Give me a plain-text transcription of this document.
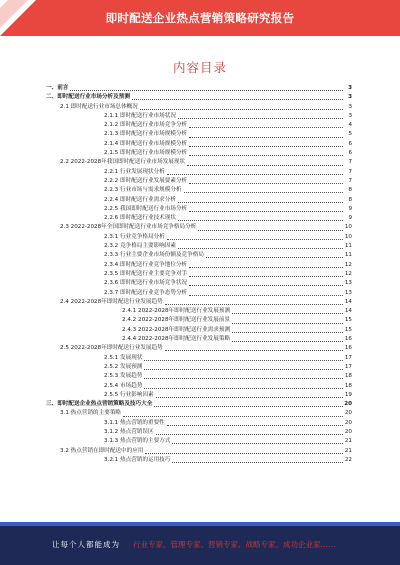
即时配送企业热点营销策略研究报告
内容目录
一、前言	3
二、即时配送行业市场分析及预测	3
2.1 即时配送行业市场总体概况	3
2.1.1 即时配送行业市场状况	3
2.1.2 即时配送行业市场竞争分析	4
2.1.3 即时配送行业市场规模分析	5
2.1.4 即时配送行业市场规模分析	6
2.1.5 即时配送行业市场规模分析	6
2.2 2022-2028年我国即时配送行业市场发展现状	7
2.2.1 行业发展现状分析	7
2.2.2 即时配送行业发展要素分析	7
2.2.3 行业市场与需求规模分析	8
2.2.4 即时配送行业需求分析	8
2.2.5 我国即时配送行业市场分析	9
2.2.6 即时配送行业技术现状	9
2.3 2022-2028年全国即时配送行业市场竞争格局分析	10
2.3.1 行业竞争格局分析	10
2.3.2 竞争格局主要影响因素	11
2.3.3 行业主要企业市场份额及竞争格局	11
2.3.4 即时配送行业竞争地位分析	12
2.3.5 即时配送行业主要竞争对手	12
2.3.6 即时配送行业市场竞争状况	13
2.3.7 即时配送行业竞争态势分析	13
2.4 2022-2028年即时配送行业发展趋势	14
2.4.1 2022-2028年即时配送行业发展预测	14
2.4.2 2022-2028年即时配送行业发展前景	15
2.4.3 2022-2028年即时配送行业需求预测	15
2.4.4 2022-2028年即时配送行业发展策略	16
2.5 2022-2028年即时配送行业发展趋势	16
2.5.1 发展现状	17
2.5.2 发展预测	17
2.5.3 发展趋势	18
2.5.4 市场趋势	18
2.5.5 行业影响因素	19
三、即时配送企业热点营销策略及技巧大全	20
3.1 热点营销的主要策略	20
3.1.1 热点营销的重要性	20
3.1.2 热点营销误区	20
3.1.3 热点营销的主要方式	21
3.2 热点营销在即时配送中的应用	21
3.2.1 热点营销的运用技巧	22
让每个人都能成为 行业专家、管理专家、营销专家、战略专家、成功企业家……
